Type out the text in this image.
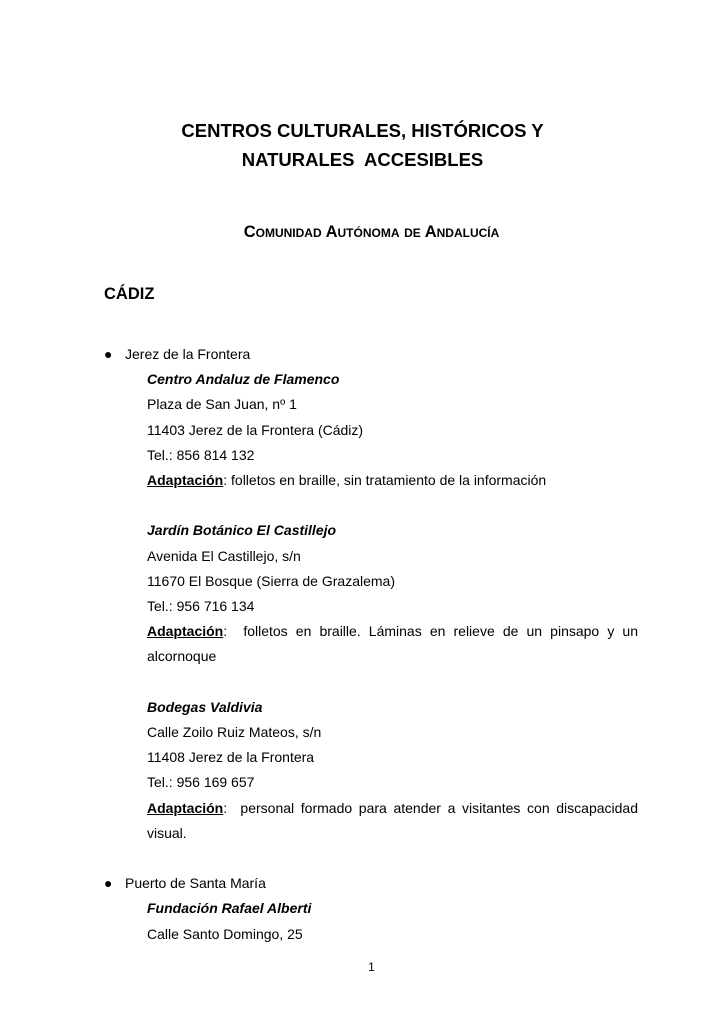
CENTROS CULTURALES, HISTÓRICOS Y
NATURALES  ACCESIBLES
Comunidad Autónoma de Andalucía
CÁDIZ
● Jerez de la Frontera
Centro Andaluz de Flamenco
Plaza de San Juan, nº 1
11403 Jerez de la Frontera (Cádiz)
Tel.: 856 814 132
Adaptación: folletos en braille, sin tratamiento de la información
Jardín Botánico El Castillejo
Avenida El Castillejo, s/n
11670 El Bosque (Sierra de Grazalema)
Tel.: 956 716 134
Adaptación:  folletos en braille. Láminas en relieve de un pinsapo y un alcornoque
Bodegas Valdivia
Calle Zoilo Ruiz Mateos, s/n
11408 Jerez de la Frontera
Tel.: 956 169 657
Adaptación:  personal formado para atender a visitantes con discapacidad visual.
● Puerto de Santa María
Fundación Rafael Alberti
Calle Santo Domingo, 25
1
